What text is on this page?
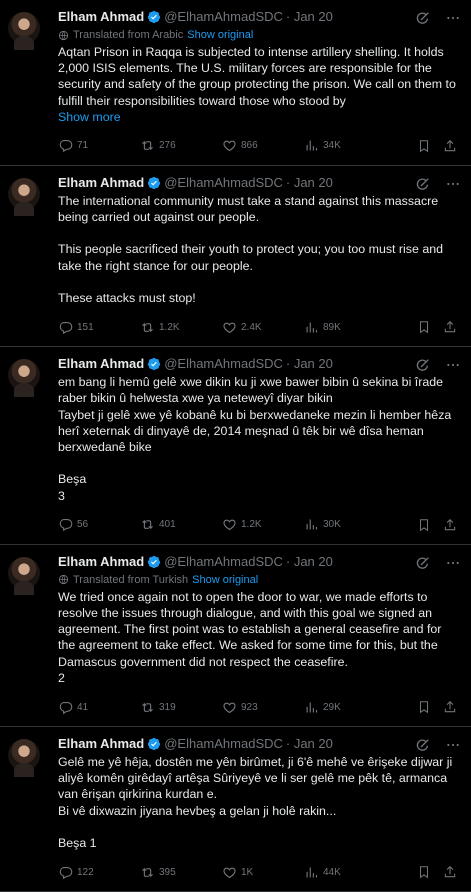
Elham Ahmad @ElhamAhmadSDC · Jan 20
Translated from Arabic Show original
Aqtan Prison in Raqqa is subjected to intense artillery shelling. It holds 2,000 ISIS elements. The U.S. military forces are responsible for the security and safety of the group protecting the prison. We call on them to fulfill their responsibilities toward those who stood by
Show more
71	276	866	34K
Elham Ahmad @ElhamAhmadSDC · Jan 20
The international community must take a stand against this massacre being carried out against our people.

This people sacrificed their youth to protect you; you too must rise and take the right stance for our people.

These attacks must stop!
151	1.2K	2.4K	89K
Elham Ahmad @ElhamAhmadSDC · Jan 20
em bang li hemû gelê xwe dikin ku ji xwe bawer bibin û sekina bi îrade raber bikin û helwesta xwe ya neteweyî diyar bikin
Taybet ji gelê xwe yê kobanê ku bi berxwedaneke mezin li hember hêza herî xeternak di dinyayê de, 2014 meşnad û têk bir wê dîsa heman berxwedanê bike

Beşa
3
56	401	1.2K	30K
Elham Ahmad @ElhamAhmadSDC · Jan 20
Translated from Turkish Show original
We tried once again not to open the door to war, we made efforts to resolve the issues through dialogue, and with this goal we signed an agreement. The first point was to establish a general ceasefire and for the agreement to take effect. We asked for some time for this, but the Damascus government did not respect the ceasefire.
2
41	319	923	29K
Elham Ahmad @ElhamAhmadSDC · Jan 20
Gelê me yê hêja, dostên me yên birûmet, ji 6'ê mehê ve êrişeke dijwar ji aliyê komên girêdayî artêşa Sûriyeyê ve li ser gelê me pêk tê, armanca van êrişan qirkirina kurdan e.
Bi vê dixwazin jiyana hevbeş a gelan ji holê rakin...

Beşa 1
122	395	1K	44K
